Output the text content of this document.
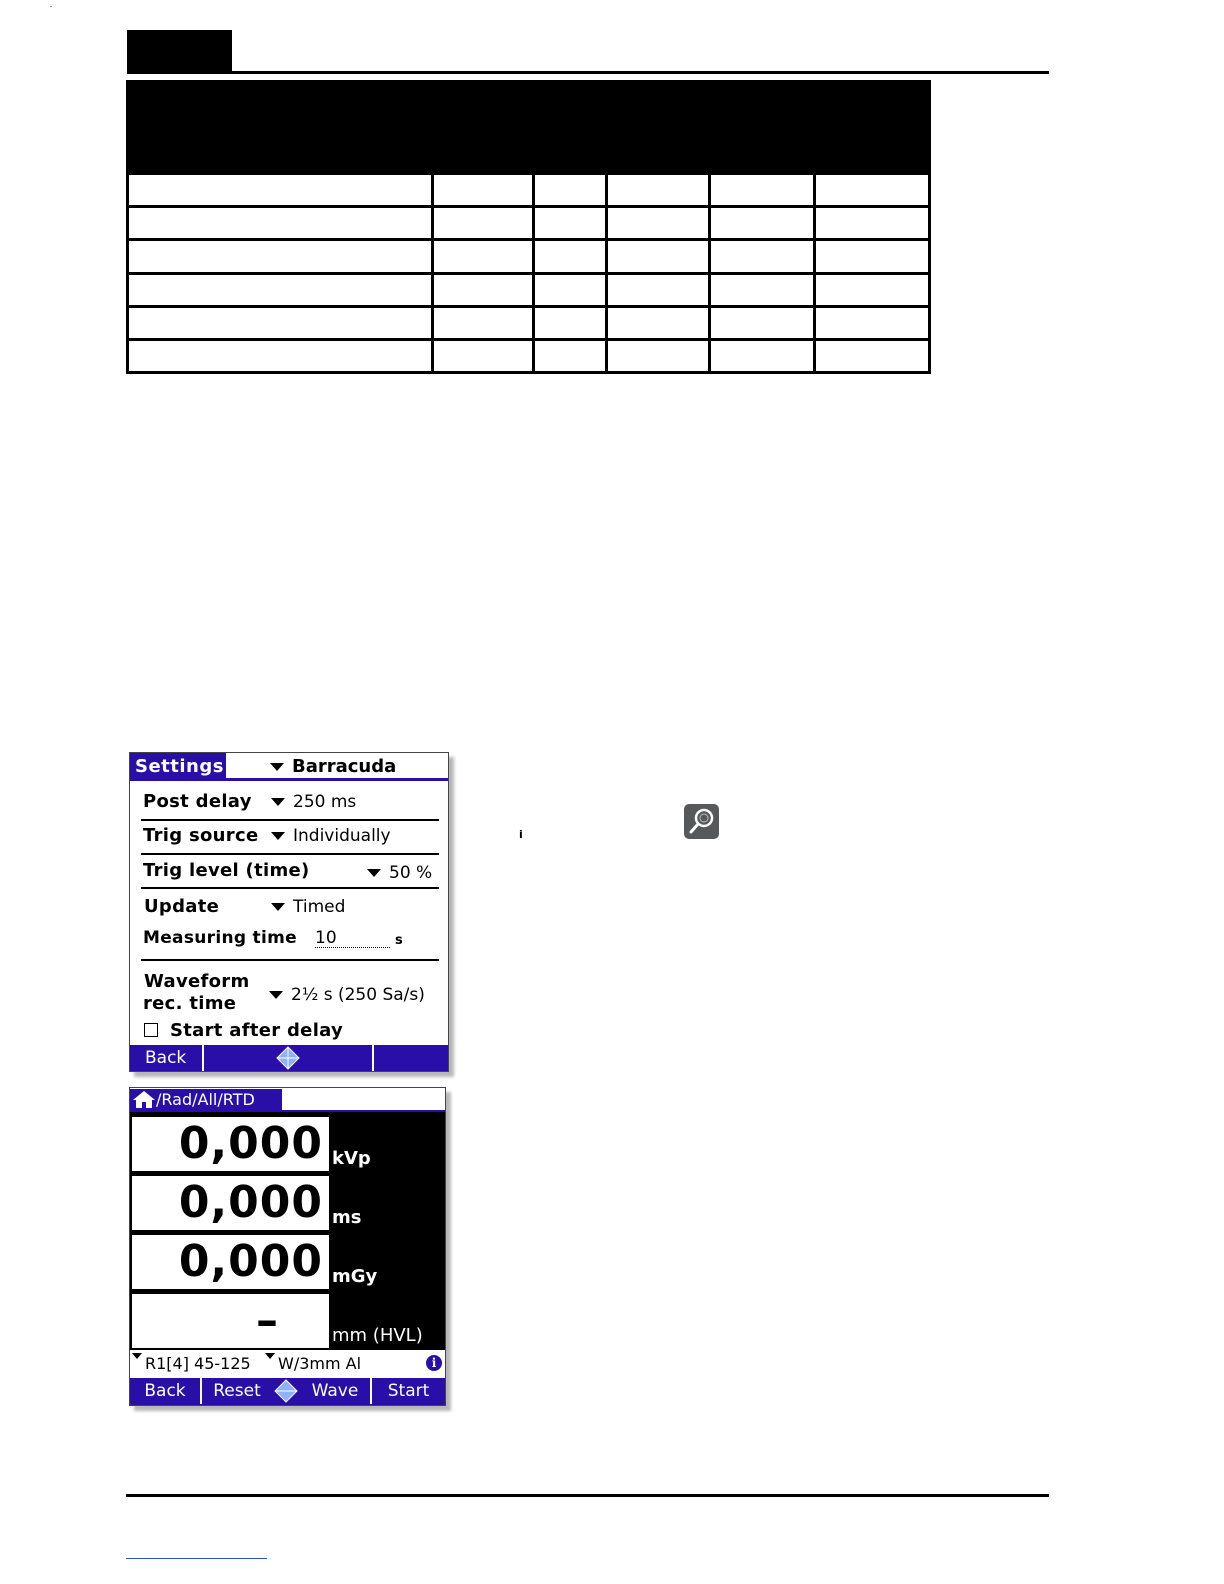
i
Settings	Barracuda
Post delay	250 ms
Trig source	Individually
Trig level (time)	50 %
Update	Timed
Measuring time 10	s
Waveform
rec. time	2½ s (250 Sa/s)
Start after delay
Back
/Rad/All/RTD
0,000 kVp
0,000 ms
0,000 mGy
–	mm (HVL)
R1[4] 45-125 W/3mm Al	i
Back	Reset	Wave	Start
